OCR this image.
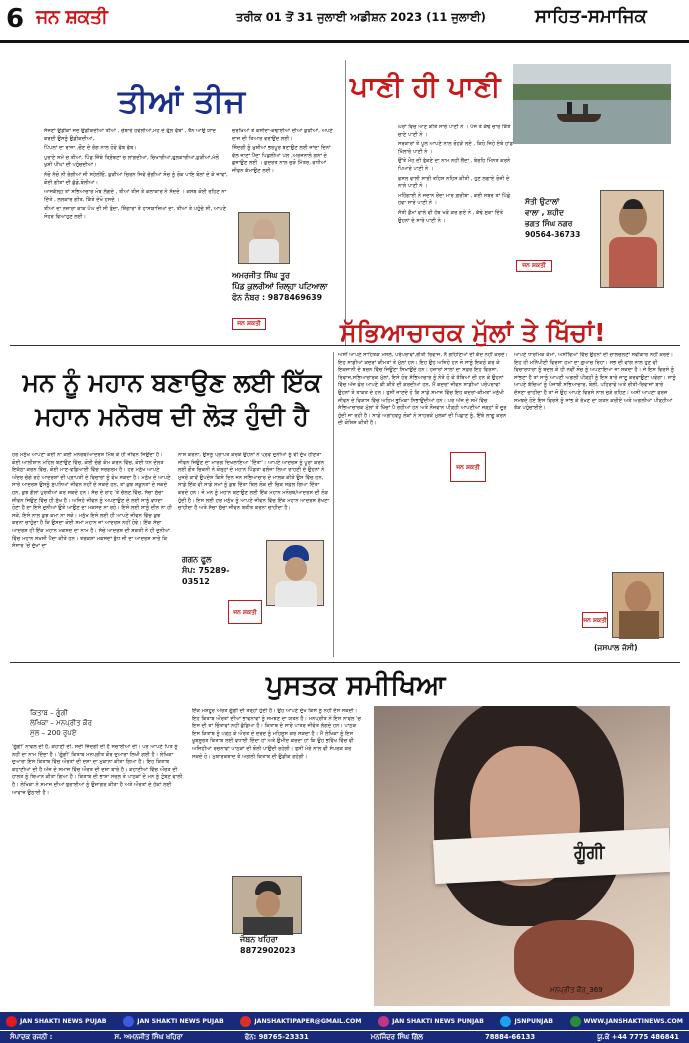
6 ਜਨ ਸ਼ਕਤੀ	ਤਰੀਕ 01 ਤੋਂ 31 ਜੁਲਾਈ ਅਡੀਸ਼ਨ 2023 (11 ਜੁਲਾਈ)	ਸਾਹਿਤ-ਸਮਾਜਿਕ
ਤੀਆਂ ਤੀਜ

ਸੱਜਣਾਂ ਉਡੀਕਾਂ ਜਦ ਉਡੀਕਦੀਆਂ ਤੀਆਂ , ਚੌਬਾਰੇ ਹਵੇਲੀਆਂ,ਮੋਹ ਦੇ ਫੁੱਲ ਫੱਬਾਂ , ਤੈਨ ਆਉ ਯਾਦ ਕਰਦੀ ਉਸਨੂੰ ਉਡੀਕਦੀਆਂ,

ਪਿੱਪਲਾਂ ਦਾ ਰਾਜਾ ,ਚੌਣ ਦੇ ਰੰਗ ਨਾਲ ਹੋਵੇ ਫੱਬ ਫੱਬ।

ਪੁਰਾਣੇ ਸਮੇਂ ਚ ਤੀਆਂ, ਪਿੰਡ ਜਿੱਥੇ ਤ੍ਰਿੰਝਣਾਂ ਚ ਲਾਂਗਦੀਆਂ, ਚਿਖਾਰੀਆਂ,ਫੁਲਕਾਰੀਆਂ,ਕੁੜੀਆਂ,ਮੱਲੋਂ ਖੁਸ਼ੀ ਪੀਂਘਾਂ ਦੀ ਪਹੁੰਚਦੀਆਂ।

ਨੱਚੋ ਨੱਚੋ ਨੀ ਰੰਗੀਆਂ ਜੀ ਸਹੇਲੀਓ, ਕੁੜੀਆਂ ਚਿਰਨ ਜਿਵੇਂ ਚੰਗੀਆਂ ਸੋਚ ਨੂੰ ਰੋਕ ਪਾਇ ਬੋਲਾਂ ਦੇ ਕੇ ਜਾਵਾਂ, ਕੋਈ ਗੀਤਾਂ ਦੀ ਛੱਡੋ,ਬੋਲੀਆਂ।

ਆਜਕੱਲ੍ਹ ਤਾਂ ਸਭਿਆਚਾਰ ਮੋਬ ਲੱਗਦੇ , ਤੀਆਂ ਤੀਜ ਤੇ ਕਲਾਕਾਰ ਨੇ ਸੱਦਦੇ । ਕਸਬ ਕੋਈ ਰਹਿਣ ਨਾ ਦਿੱਤੇ , ਲਲਕਾਰ ਗੀਤ, ਕਿੱਤੇ ਦੇਖੋ ਹਸਦੇ ।

ਤੀਆਂ ਦਾ ਨਜ਼ਾਰਾ ਕਾਕ ਪੰਘ ਦੀ ਸੀ ਤੁੰਦਾ, ਸ਼ਿੰਗਾਰਾਂ ਤੇ ਹਾਸਯਾਜ਼ਿਆਂ ਦਾ, ਤੀਆਂ ਤੇ ਪਹੁੰਚੇ ਸੀ, ਆਪਣੇ ਸੋਹਰ ਵਿਆਹੁਣ ਲਈ।

ਚਰਖ਼ਿਆਂ ਤੇ ਕਸੀਦਾ-ਕਢਾਈਆਂ ਦੀਆਂ ਕੁੜੀਆਂ, ਅਪਣੇ ਦਾਜ ਦੀ ਤਿਆਰ ਵਰਾਉਂਦ ਲਈ।

ਜ਼ਿੰਦਗੀ ਨੂੰ ਖ਼ੁਸ਼ੀਆਂ ਭਰਪੂਰ ਬਣਾਉਣ ਲਈ ਜਾਂਦਾ ਦਿਨਾਂ ਵੱਲ ਜਾਣਾ ਪੈਂਦਾ ਪਿਛਲੀਆਂ ਪਲ ,ਅਰਜਨਾਲੇ ਗਨਾਂ ਦੇ ਛਜਾਉਣ ਲਈ । ਕੁਦਰਤ ਨਾਲ ਜੁੜੋ ਮਿੱਤਰ, ਵਧੀਆਂ ਜੀਵਨ ਕੱਮਾਉਣ ਲਈ।

ਅਮਰਜੀਤ ਸਿੰਘ ਤੂਰ
ਪਿੰਡ ਕੁਲਰੀਆਂ ਜ਼ਿਲ੍ਹਾ ਪਟਿਆਲਾ
ਫੋਨ ਨੰਬਰ : 9878469639
ਜਨ ਸ਼ਕਤੀ
ਪਾਣੀ ਹੀ ਪਾਣੀ

ਘਰਾਂ ਵਿਚ ਆਣ ਕੀਤੇ ਸਾਰੇ ਪਾਣੀ ਨੇ । ਪੰਜੇ ਤੇ ਕੱਢੇ ਚਾਰ ਕਿੱਤੇ ਚਾਣੇ ਪਾਣੀ ਨੇ ।

ਸਰਕਾਰਾਂ ਤੇ ਪੂਲ ਆਪਣੇ ਨਾਲ ਰੋਹੜੇ ਲਏ , ਕਿਹੋ ਜਿਹੇ ਏਥੇ ਹਾਂਡ ਖਿੱਲਾਰੇ ਪਾਣੀ ਨੇ ।

ਉੱਤੇ ਮੌਹ ਦੀ ਤੁੱਕਣੇ ਦਾ ਨਾਮ ਨਹੀਂ ਲੈਂਦਾ , ਬੇਰਹਿ ਮਿੰਨਤ ਕਰਨੇ ਪਿਆਰੇ ਪਾਣੀ ਨੇ ।

ਫਸਲ ਵਾਲੀ ਸਾਰੀ ਤਹਿਸ ਨਹਿਸ ਕੀਤੀ , ਹੁਣ ਲਗਾਏ ਰੋਜ਼ੀ ਦੇ ਨਾਲੇ ਪਾਣੀ ਨੇ ।

ਮਹਿੰਗਾਈ ਨੇ ਜਦਾਨ ਰੋਂਦਾ ਮਾਰ ਗ਼ਰੀਬਾ , ਕਈ ਸਬਰ ਤਾਂ ਪਿੱਛੇ ਹਵਾ ਸਾਰੇ ਪਾਣੀ ਨੇ ।

ਸੱਤੀ ਡੈਮਾਂ ਵਾਲੇ ਵੀ ਹੱਥ ਖੜੇ ਕਰ ਗਏ ਨੇ , ਕੱਢੇ ਸੁਕਾ ਦਿੱਤੇ ਉਹਨਾਂ ਦੇ ਸਾਰੇ ਪਾਣੀ ਨੇ ।

ਸੱਤੀ ਉਟਾਲਾਂ
ਵਾਲਾ , ਸ਼ਹੀਦ
ਭਗਤ ਸਿੰਘ ਨਗਰ
90564-36733
ਜਨ ਸ਼ਕਤੀ
ਸੱਭਿਆਚਾਰਕ ਮੁੱਲਾਂ ਤੇ ਖਿੱਚਾਂ!
ਅਸੀਂ ਆਪਣੇ ਸਾਹਿਤਕ ਮਸਲੇ, ਪਰੰਪਰਾਵਾਂ,ਰੀਤੀ ਰਿਵਾਜ, ਨੈ ਗਹਿਣਿਆਂ ਦੀ ਕੱਦ ਨਹੀਂ ਕਰਦੇ। ਇਹ ਸਾਡੀਆਂ ਕਦਰਾਂ ਕੀਮਤਾਂ ਤੇ ਮੁੱਲਾਂ ਹਨ। ਇਹ ਉਹ ਅਜਿਹੇ ਹਨ ਜੋ ਸਾਨੂੰ ਇਕਠੇ ਕਰ ਕੇ ਇਕਜਾਨੀ ਦੇ ਬਚਨ ਵਿੱਚ ਜਿਊਣਾ ਸਿਖਾਉਂਦੇ ਹਨ। ਹਜ਼ਾਰਾਂ ਸਾਲਾਂ ਦਾ ਸਫ਼ਰ ਇਹ ਵਿਰਸਾ, ਰਿਵਾਜ,ਸਭਿਆਚਾਰਕ ਮੁੱਲਾਂ, ਇਸੇ ਹੋਰ ਸੱਭਿਆਚਾਰ ਨੂੰ ਨੇਤੇ ਹੋ ਕੇ ਤੱਥਿਆਂ ਦੀ ਹਨ ਕੇ ਉਹਨਾਂ ਵਿੱਚ ਅੱਜ ਫੇਰ ਆਪਣੇ ਕੀ ਕੀਤੇ ਦੀ ਕਰਦੀਆਂ ਹਨ, ਮੈਂ ਕਦਰਾਂ ਜੀਵਨ ਸਾਡੀਆਂ ਪਰੰਪਰਾਵਾਂ ਉਹਨਾਂ ਤੇ ਤਾਕਤ ਦੇ ਹਨ। ਤੁਸੀਂ ਜਾਣਦੇ ਹੋ ਕਿ ਸਾਡੇ ਸਮਾਜ ਵਿੱਚ ਇਹ ਕਦਰਾਂ-ਕੀਮਤਾਂ ਮਨੁੱਖੀ ਜੀਵਨ ਦੇ ਵਿਕਾਸ ਵਿੱਚ ਅਹਿਮ ਭੂਮਿਕਾ ਨਿਭਾਉਂਦੀਆਂ ਹਨ। ਪਰ ਅੱਜ ਦੇ ਸਮੇਂ ਵਿੱਚ ਸੱਭਿਆਚਾਰਕ ਮੁੱਲਾਂ ਤੇ ਖਿੱਚਾਂ ਪੈ ਰਹੀਆਂ ਹਨ ਅਤੇ ਨੌਜਵਾਨ ਪੀੜ੍ਹੀ ਆਪਣੀਆਂ ਜੜ੍ਹਾਂ ਤੋਂ ਦੂਰ ਹੁੰਦੀ ਜਾ ਰਹੀ ਹੈ। ਸਾਡੇ ਅਗਾਂਹਵਧੂ ਲੋਕਾਂ ਨੇ ਸਾਹਰਕੇ ਮੁਲਕਾਂ ਦੀ ਪਿਛਾਣ ਨੂੰ, ਇੱਥੇ ਲਾਗੂ ਕਰਨ ਦੀ ਕੋਸ਼ਿਸ਼ ਕੀਤੀ ਹੈ।
ਜਨ ਸ਼ਕਤੀ
ਆਪਣੇ ਧਾਰਮਿਕ ਕੰਮਾਂ, ਅਸੀਂਵਿਆਂ ਵਿੱਚ ਉਹਨਾਂ ਦੀ ਚਾਲਚਲਣਾਂ ਸਵੀਕਾਰ ਨਹੀਂ ਕਰਦੇ। ਇਹ ਹੀ ਮਨਿੱਪੀਣੀ ਵਿਰਸਾ ਹਮਾ ਦਾ ਗੁਆਚ ਰਿਹਾ। ਸਭ ਦੀ ਵਾਂਗ ਨਾਲ ਹੁਣ ਵੀ ਵਿਚਾਰਧਾਰਾ ਨੂੰ ਬਦਲ ਕੇ ਹੀ ਨਵੀਂ ਸੋਚ ਨੂੰ ਅਪਣਾਇਆ ਜਾ ਸਕਦਾ ਹੈ। ਜੇ ਇਸ ਵਿਰਸੇ ਨੂੰ ਸਾਂਭਣਾ ਹੈ ਤਾਂ ਸਾਨੂੰ ਆਪਣੀ ਅਗਲੀ ਪੀੜ੍ਹੀ ਨੂੰ ਇਸ ਬਾਰੇ ਜਾਣੂ ਕਰਵਾਉਣਾ ਪਵੇਗਾ। ਸਾਨੂੰ ਆਪਣੇ ਬੱਚਿਆਂ ਨੂੰ ਪੰਜਾਬੀ ਸਭਿਆਚਾਰ, ਬੋਲੀ, ਪਹਿਰਾਵੇ ਅਤੇ ਰੀਤੀ-ਰਿਵਾਜਾਂ ਬਾਰੇ ਦੱਸਣਾ ਚਾਹੀਦਾ ਹੈ ਤਾਂ ਜੋ ਉਹ ਆਪਣੇ ਵਿਰਸੇ ਨਾਲ ਜੁੜੇ ਰਹਿਣ। ਅਸੀਂ ਆਪਣਾ ਫਰਜ਼ ਸਮਝਦੇ ਹੋਏ ਇਸ ਵਿਰਸੇ ਨੂੰ ਸਾਂਭ ਕੇ ਰੱਖਣ ਦਾ ਯਤਨ ਕਰੀਏ ਅਤੇ ਅਗਲੀਆਂ ਪੀੜ੍ਹੀਆਂ ਤੱਕ ਪਹੁੰਚਾਈਏ।
ਜਨ ਸ਼ਕਤੀ
(ਜਸਪਾਲ ਜੱਸੀ)
ਮਨ ਨੂੰ ਮਹਾਨ ਬਣਾਉਣ ਲਈ ਇੱਕ ਮਹਾਨ ਮਨੋਰਥ ਦੀ ਲੋੜ ਹੁੰਦੀ ਹੈ
ਹਰ ਮਨੁੱਖ ਆਪਣਾ ਕੋਈ ਨਾ ਕੋਈ ਮਨੋਰਥ/ਆਦਰਸ਼ ਮਿੱਥ ਕੇ ਹੀ ਜੀਵਨ ਜਿਉਂਦਾ ਹੈ। ਕੋਈ ਆਲੀਸ਼ਾਨ ਮਹਿਲ ਬਣਾਉਣ ਵਿੱਚ, ਕੋਈ ਚੰਗੇ ਕੰਮ ਕਰਨ ਵਿੱਚ, ਕੋਈ ਧਨ ਦੌਲਤ ਇਕੱਠਾ ਕਰਨ ਵਿੱਚ, ਕੋਈ ਮਾਣ-ਵਡਿਆਈ ਵਿੱਚ ਸਰਗਰਮ ਹੈ। ਹਰ ਮਨੁੱਖ ਆਪਣੇ ਅੰਦਰ ਚੰਗੇ ਰਹੇ ਆਦਰਸ਼ਾਂ ਦੀ ਪ੍ਰਾਪਤੀ ਦੇ ਵਿਚਾਰਾਂ ਨੂੰ ਵੇਖ ਸਕਦਾ ਹੈ। ਮਨੁੱਖ ਦੇ ਆਪਣੇ ਸਾਰੇ ਆਦਰਸ਼ ਉਸਨੂੰ ਸੁਪਨਿਆਂ ਜੀਵਨ ਨਹੀਂ ਦੇ ਸਕਦੇ ਹਨ, ਤਾਂ ਕੁਝ ਸ਼ਕੂਨਤਾਂ ਦੇ ਸਕਦੇ ਹਨ, ਕੁਝ ਗੱਲਾਂ ਪੁਰਤੀਆਂ ਕਰ ਸਕਦੇ ਹਨ। ਸੱਚ ਦੇ ਰਾਹ 'ਤੇ ਚੱਲਣ ਵਿੱਚ, ਸੱਚਾ ਸੁੱਚਾ ਜੀਵਨ ਜਿਉਣ ਵਿੱਚ ਹੀ ਸੁੱਖ ਹੈ। ਅਜਿਹੇ ਜੀਵਨ ਨੂੰ ਅਪਣਾਉਣ ਦੇ ਲਈ ਸਾਨੂੰ ਵਧਦਾ ਹੋਣਾ ਹੈ ਦਾ ਇਸੇ ਦੁਨੀਆਂ ਉਤੇ ਆਉਣ ਦਾ ਮਕਸਦ ਨਾ ਰਹੇ। ਇਸੇ ਲਈ ਸਾਨੂੰ ਦੀਨ ਨਾ ਹੀ ਸਕੇ, ਇਸੇ ਨਾਲ ਕੁਝ ਕਮਾ ਨਾ ਸਕੇ। ਮਨੁੱਖ ਇਸੇ ਲਈ ਹੀ ਆਪਣੇ ਜੀਵਨ ਵਿੱਚ ਕੁਝ ਕਰਨਾ ਚਾਹੁੰਦਾ ਹੈ ਕਿ ਉਸਦਾ ਕੋਈ ਸਮਾਂ ਮਹਾਨ ਜਾਂ ਆਦਰਸ਼ ਨਹੀਂ ਹੋਵੇ। ਇੱਕ ਸੱਚਾ ਆਦਰਸ਼ ਹੀ ਇੱਕ ਮਹਾਨ ਮਕਸਦ ਦਾ ਨਾਮ ਹੈ। ਸੱਚੇ ਆਦਰਸ਼ ਦੀ ਸ਼ਕਤੀ ਨੇ ਹੀ ਦੁਨੀਆਂ ਵਿੱਚ ਮਹਾਨ ਸ਼ਖ਼ਸੀ ਪੈਦਾ ਕੀਤੇ ਹਨ। ਤਰਕਸ਼ਾਂ ਮਕਸਦਾਂ ਬੁੱਧ ਜੀ ਦਾ ਆਦਰਸ਼ ਸਾਰੇ ਕਿ ਸੰਸਾਰ 'ਚੋਂ ਦੁੱਖਾਂ ਦਾ
ਨਾਸ਼ ਕਰਨਾ, ਉਸਨੂੰ ਪ੍ਰਾਪਤ ਕਰਕੇ ਉਹਨਾਂ ਨੇ ਪ੍ਰਵੇ ਦੁਨੀਆਂ ਨੂੰ ਵੀ ਦੁੱਖ ਹੀਣਤਾ ਜੀਵਨ ਜਿਉਣ ਦਾ ਮਾਰਗ ਦਿਖਲਾਇਆ 'ਦਿੱਤਾ'। ਆਪਣੇ ਆਦਰਸ਼ ਨੂੰ ਪੂਰਾ ਕਰਨ ਲਈ ਗੌਤ ਚਿਕਨੀ ਨੇ ਕੋਰ੍ਹਾਂ ਦੇ ਮਹਾਨ ਪਿੰਡਤਾ ਵਲੰਜਾ ਲਿਆ ਰਾਹਣੀ ਦੇ ਉਹਨਾਂ ਨੇ ਮੁਜਰੇ ਕਾਵੇਂ ਉਪਦੇਸ਼ ਕਿਸੇ ਦਿਨ ਜਨ ਸਭਿਆਚਾਰ ਦੇ ਮਾਲਕ ਕੀਤੇ ਉਸ ਵਿੱਚ ਹਨ, ਸਾਡੇ ਇੱਕ ਵੀ ਸਾਡੇ ਸਮਾਂ ਨੂੰ ਕੁਝ ਦਿੱਤਾ ਬਿਲ ਲੋਕ ਦੀ ਚਿਕ ਸਫ਼ਲ ਗਿਆ ਦਿੱਤਾ ਕਰਦੇ ਹਨ। ਜੋ ਮਨ ਨੂੰ ਮਹਾਨ ਬਣਾਉਣ ਲਈ ਇੱਕ ਮਹਾਨ ਮਨੋਰਥ/ਆਦਰਸ਼ ਦੀ ਲੋੜ ਹੁੰਦੀ ਹੈ। ਇਸ ਲਈ ਹਰ ਮਨੁੱਖ ਨੂੰ ਆਪਣੇ ਜੀਵਨ ਵਿੱਚ ਇੱਕ ਮਹਾਨ ਆਦਰਸ਼ ਰੱਖਣਾ ਚਾਹੀਦਾ ਹੈ ਅਤੇ ਸੱਚਾ ਸੁੱਚਾ ਜੀਵਨ ਬਤੀਤ ਕਰਨਾ ਚਾਹੀਦਾ ਹੈ।
ਗਗਨ ਫੂਲ
ਸੰਪ: 75289-03512
ਜਨ ਸ਼ਕਤੀ
ਪੁਸਤਕ ਸਮੀਖਿਆ
ਕਿਤਾਬ – ਗੂੰਗੀ
ਲੇਖਿਕਾ – ਮਨਪ੍ਰੀਤ ਕੌਰ
ਮੁੱਲ – 200 ਰੁਪਏ
'ਗੂੰਗੀ' ਨਾਵਲ ਦੀ ਹੈ, ਕਹਾਣੀ ਦੀ, ਸਦੀ ਜ਼ਿੰਦਗੀ ਦੀ ਹੈ ਸਚਾਈਆਂ ਦੀ। ਪਰ ਆਪਣੇ ਪਿਤ ਨੂੰ ਨਹੀਂ ਦਾ ਨਾਮ ਦਿੰਦਾ ਹੈ। 'ਗੂੰਗੀ' ਕਿਤਾਬ ਮਨਪ੍ਰੀਤ ਕੌਰ ਦੁਆਰਾ ਲਿਖੀ ਗਈ ਹੈ। ਲੇਖਿਕਾ ਦੁਆਰਾ ਇਸ ਕਿਤਾਬ ਵਿੱਚ ਔਰਤਾਂ ਦੀ ਦਸ਼ਾ ਦਾ ਮੁਕਾਨਾ ਕੀਤਾ ਗਿਆ ਹੈ। ਇਹ ਕਿਤਾਬ ਕਹਾਣੀਆਂ ਦੀ ਹੈ ਅੱਜ ਦੇ ਸਮਾਜ ਵਿੱਚ ਔਰਤ ਦੀ ਦਸ਼ਾ ਬਾਰੇ ਹੈ। ਕਹਾਣੀਆਂ ਵਿੱਚ ਔਰਤ ਦੀ ਹਾਲਤ ਨੂੰ ਬਿਆਨ ਕੀਤਾ ਗਿਆ ਹੈ। ਕਿਤਾਬ ਦੀ ਭਾਸ਼ਾ ਸਰਲ ਤੇ ਪਾਠਕਾਂ ਦੇ ਮਨ ਨੂੰ ਟੁੰਬਣ ਵਾਲੀ ਹੈ। ਲੇਖਿਕਾ ਨੇ ਸਮਾਜ ਦੀਆਂ ਬੁਰਾਈਆਂ ਨੂੰ ਉਜਾਗਰ ਕੀਤਾ ਹੈ ਅਤੇ ਔਰਤਾਂ ਦੇ ਹੱਕਾਂ ਲਈ ਆਵਾਜ਼ ਉਠਾਈ ਹੈ।
ਇੱਕ ਮਸ਼ਹੂਰ ਔਰਤ ਗੂੰਗੀ ਦੀ ਤਰ੍ਹਾਂ ਹੁੰਦੀ ਹੈ। ਉਹ ਆਪਣੇ ਦੁੱਖ ਕਿਸੇ ਨੂੰ ਨਹੀਂ ਦੱਸ ਸਕਦੀ। ਇਹ ਕਿਤਾਬ ਔਰਤਾਂ ਦੀਆਂ ਭਾਵਨਾਵਾਂ ਨੂੰ ਸਮਝਣ ਦਾ ਯਤਨ ਹੈ। ਮਨਪ੍ਰੀਤ ਨੇ ਇਸ ਨਾਵਲ 'ਚ ਇਸ ਦੀ ਤਾਂ ਚਿੰਤਾਵਾਂ ਨਹੀਂ ਛੱਡਿਆ ਹੈ। ਕਿਤਾਬ ਦੇ ਸਾਰੇ ਪਾਤਰ ਜੀਵੰਤ ਲੱਗਦੇ ਹਨ। ਪਾਠਕ ਇਸ ਕਿਤਾਬ ਨੂੰ ਪੜ੍ਹ ਕੇ ਔਰਤ ਦੇ ਦਰਦ ਨੂੰ ਮਹਿਸੂਸ ਕਰ ਸਕਦਾ ਹੈ। ਮੈਂ ਲੇਖਿਕਾ ਨੂੰ ਇਸ ਖੂਬਸੂਰਤ ਕਿਤਾਬ ਲਈ ਵਧਾਈ ਦਿੰਦਾ ਹਾਂ ਅਤੇ ਉਮੀਦ ਕਰਦਾ ਹਾਂ ਕਿ ਉਹ ਭਵਿੱਖ ਵਿੱਚ ਵੀ ਅਜਿਹੀਆਂ ਰਚਨਾਵਾਂ ਪਾਠਕਾਂ ਦੀ ਝੋਲੀ ਪਾਉਂਦੀ ਰਹੇਗੀ। ਤੁਸੀਂ ਮੇਰੇ ਨਾਲ ਵੀ ਸੰਪਰਕ ਕਰ ਸਕਦੇ ਹੋ। ਮੁਬਾਰਕਬਾਦ ਤੇ ਅਗਲੀ ਕਿਤਾਬ ਦੀ ਉਡੀਕ ਰਹੇਗੀ।
ਜੋਬਨ ਖਹਿਰਾ
8872902023
ਗੂੰਗੀ
ਮਨਪ੍ਰੀਤ ਕੌਰ_369
JAN SHAKTI NEWS PUJAB	JAN SHAKTI NEWS PUJAB	JANSHAKTIPAPER@GMAIL.COM	JAN SHAKTI NEWS PUNJAB	JSNPUNJAB	WWW.JANSHAKTINEWS.COM
ਸੰਪਾਦਕ ਰਜਨੀ :	ਸ. ਅਮਨਜੀਤ ਸਿੰਘ ਖਹਿਰਾ	ਫੋਨ: 98765-23331	ਮਨਜਿੰਦਰ ਸਿੰਘ ਗਿੱਲ	78884-66133	ਯੂ.ਕੇ +44 7775 486841
